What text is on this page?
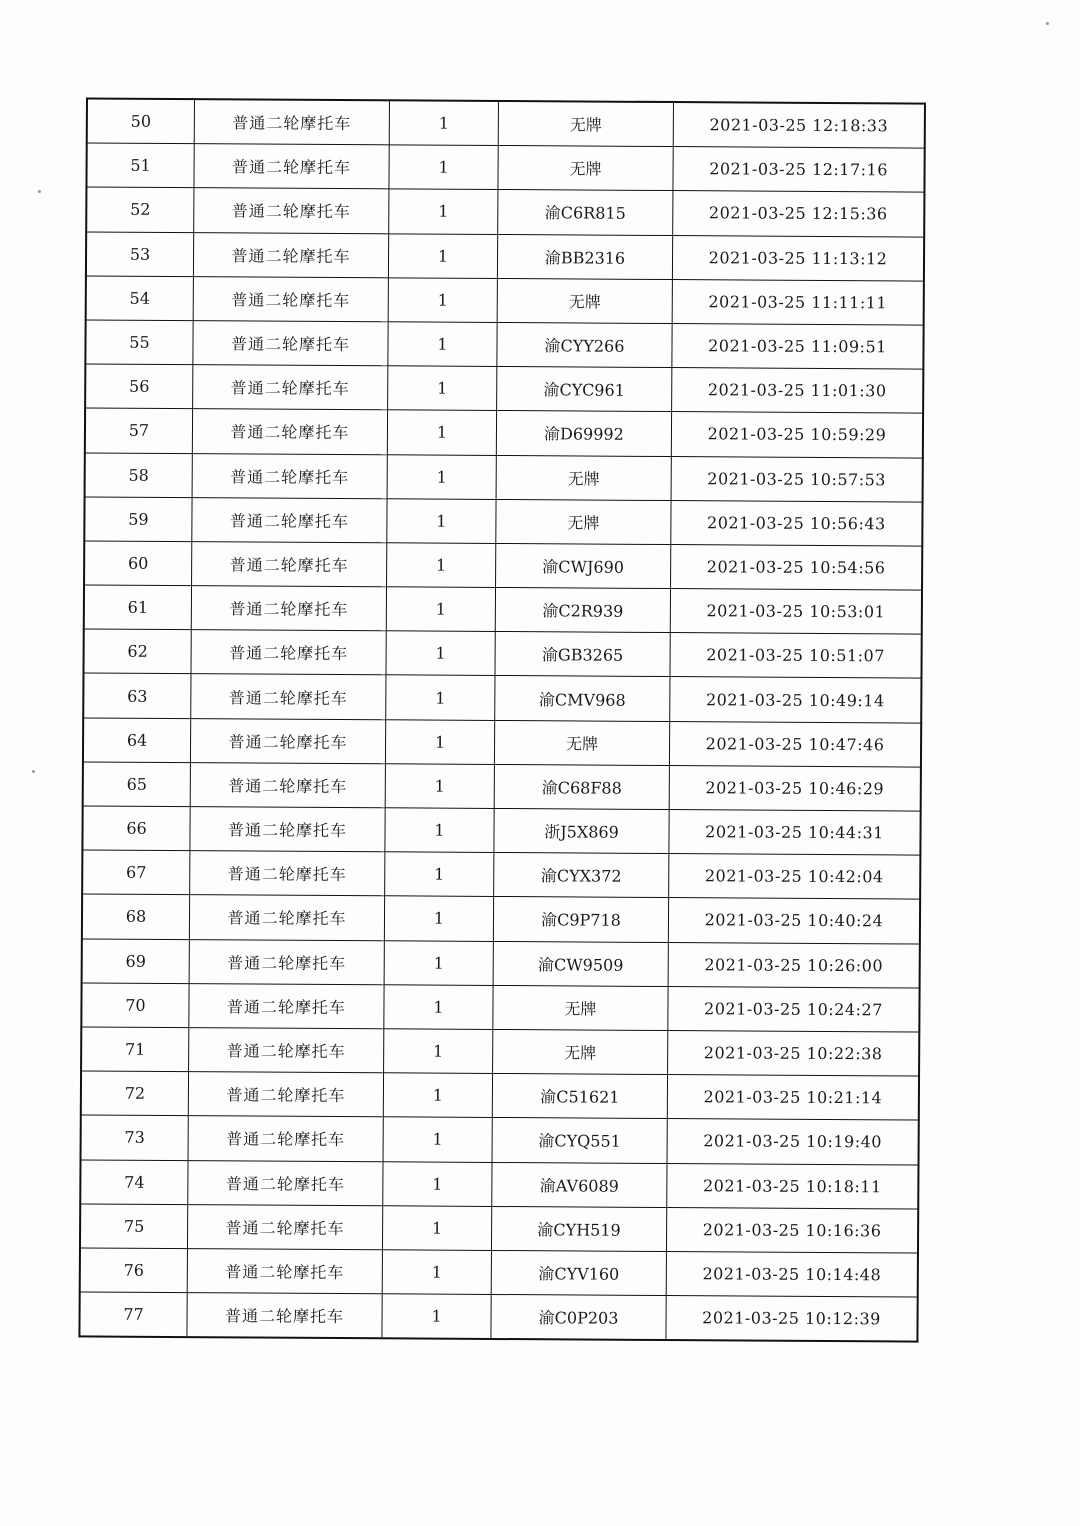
50	普通二轮摩托车	1	无牌	2021-03-25 12:18:33
51	普通二轮摩托车	1	无牌	2021-03-25 12:17:16
52	普通二轮摩托车	1	渝C6R815	2021-03-25 12:15:36
53	普通二轮摩托车	1	渝BB2316	2021-03-25 11:13:12
54	普通二轮摩托车	1	无牌	2021-03-25 11:11:11
55	普通二轮摩托车	1	渝CYY266	2021-03-25 11:09:51
56	普通二轮摩托车	1	渝CYC961	2021-03-25 11:01:30
57	普通二轮摩托车	1	渝D69992	2021-03-25 10:59:29
58	普通二轮摩托车	1	无牌	2021-03-25 10:57:53
59	普通二轮摩托车	1	无牌	2021-03-25 10:56:43
60	普通二轮摩托车	1	渝CWJ690	2021-03-25 10:54:56
61	普通二轮摩托车	1	渝C2R939	2021-03-25 10:53:01
62	普通二轮摩托车	1	渝GB3265	2021-03-25 10:51:07
63	普通二轮摩托车	1	渝CMV968	2021-03-25 10:49:14
64	普通二轮摩托车	1	无牌	2021-03-25 10:47:46
65	普通二轮摩托车	1	渝C68F88	2021-03-25 10:46:29
66	普通二轮摩托车	1	浙J5X869	2021-03-25 10:44:31
67	普通二轮摩托车	1	渝CYX372	2021-03-25 10:42:04
68	普通二轮摩托车	1	渝C9P718	2021-03-25 10:40:24
69	普通二轮摩托车	1	渝CW9509	2021-03-25 10:26:00
70	普通二轮摩托车	1	无牌	2021-03-25 10:24:27
71	普通二轮摩托车	1	无牌	2021-03-25 10:22:38
72	普通二轮摩托车	1	渝C51621	2021-03-25 10:21:14
73	普通二轮摩托车	1	渝CYQ551	2021-03-25 10:19:40
74	普通二轮摩托车	1	渝AV6089	2021-03-25 10:18:11
75	普通二轮摩托车	1	渝CYH519	2021-03-25 10:16:36
76	普通二轮摩托车	1	渝CYV160	2021-03-25 10:14:48
77	普通二轮摩托车	1	渝C0P203	2021-03-25 10:12:39
